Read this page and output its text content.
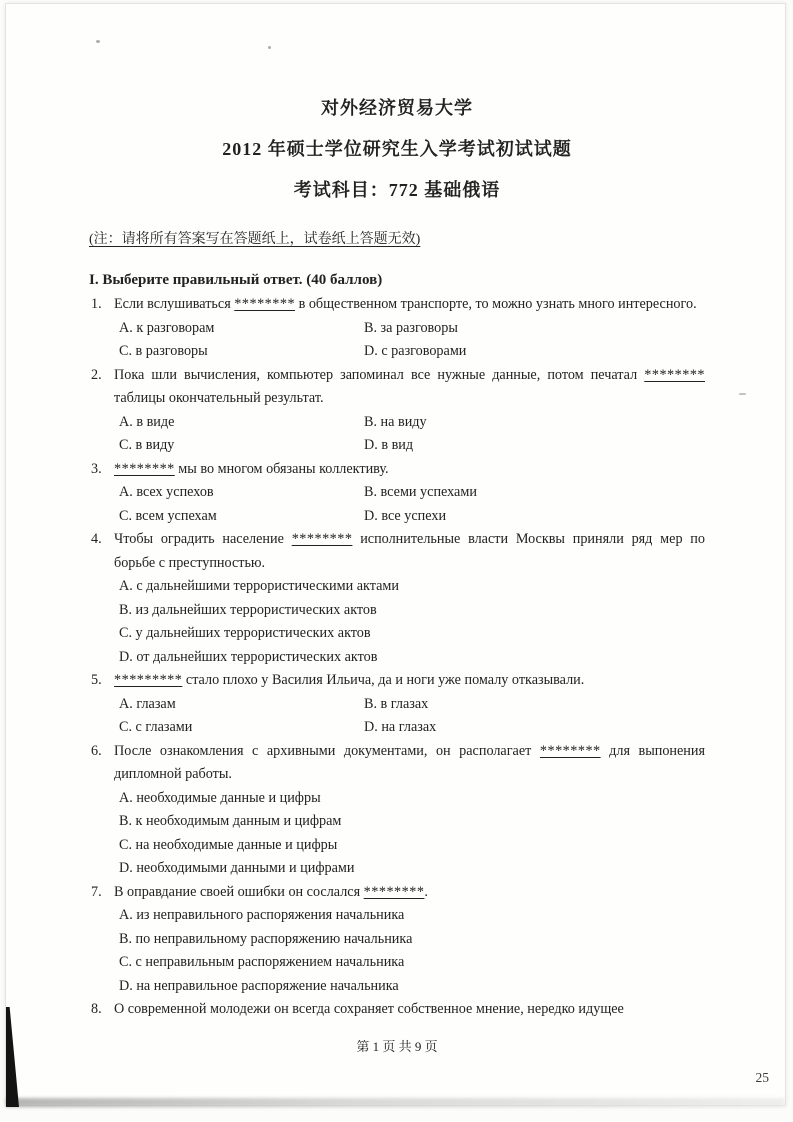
对外经济贸易大学
2012 年硕士学位研究生入学考试初试试题
考试科目：772 基础俄语
(注：请将所有答案写在答题纸上，试卷纸上答题无效)
I. Выберите правильный ответ. (40 баллов)
1. Если вслушиваться ******** в общественном транспорте, то можно узнать много интересного.
A. к разговорам	B. за разговоры
C. в разговоры	D. с разговорами
2. Пока шли вычисления, компьютер запоминал все нужные данные, потом печатал ******** таблицы окончательный результат.
A. в виде	B. на виду
C. в виду	D. в вид
3. ******** мы во многом обязаны коллективу.
A. всех успехов	B. всеми успехами
C. всем успехам	D. все успехи
4. Чтобы оградить население ******** исполнительные власти Москвы приняли ряд мер по борьбе с преступностью.
A. с дальнейшими террористическими актами
B. из дальнейших террористических актов
C. у дальнейших террористических актов
D. от дальнейших террористических актов
5. ********* стало плохо у Василия Ильича, да и ноги уже помалу отказывали.
A. глазам	B. в глазах
C. с глазами	D. на глазах
6. После ознакомления с архивными документами, он располагает ******** для выпонения дипломной работы.
A. необходимые данные и цифры
B. к необходимым данным и цифрам
C. на необходимые данные и цифры
D. необходимыми данными и цифрами
7. В оправдание своей ошибки он сослался ********.
A. из неправильного распоряжения начальника
B. по неправильному распоряжению начальника
C. с неправильным распоряжением начальника
D. на неправильное распоряжение начальника
8. О современной молодежи он всегда сохраняет собственное мнение, нередко идущее
第 1 页 共 9 页
25
